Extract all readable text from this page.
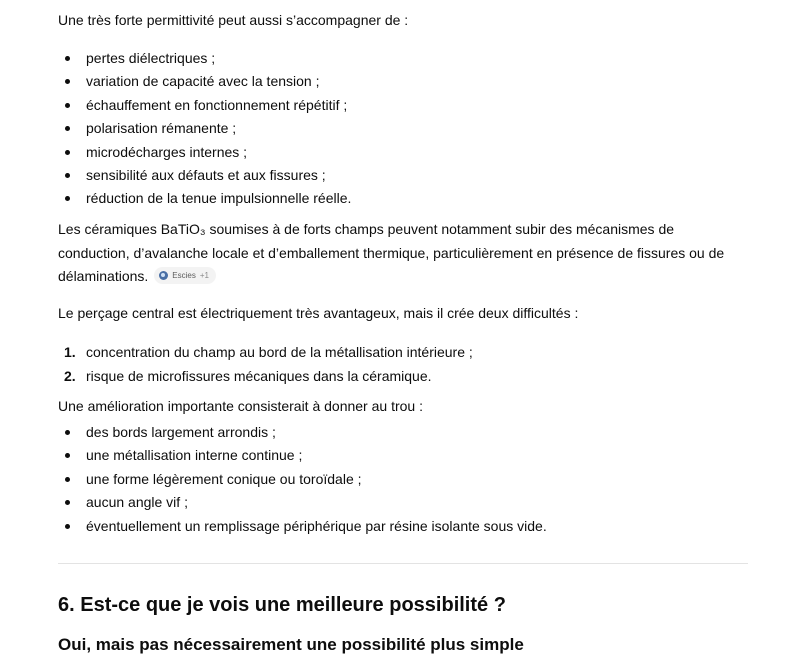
Une très forte permittivité peut aussi s’accompagner de :

pertes diélectriques ;
variation de capacité avec la tension ;
échauffement en fonctionnement répétitif ;
polarisation rémanente ;
microdécharges internes ;
sensibilité aux défauts et aux fissures ;
réduction de la tenue impulsionnelle réelle.

Les céramiques BaTiO₃ soumises à de forts champs peuvent notamment subir des mécanismes de conduction, d’avalanche locale et d’emballement thermique, particulièrement en présence de fissures ou de délaminations.	Escies +1

Le perçage central est électriquement très avantageux, mais il crée deux difficultés :

1. concentration du champ au bord de la métallisation intérieure ;
2. risque de microfissures mécaniques dans la céramique.

Une amélioration importante consisterait à donner au trou :

des bords largement arrondis ;
une métallisation interne continue ;
une forme légèrement conique ou toroïdale ;
aucun angle vif ;
éventuellement un remplissage périphérique par résine isolante sous vide.
6. Est-ce que je vois une meilleure possibilité ?
Oui, mais pas nécessairement une possibilité plus simple
